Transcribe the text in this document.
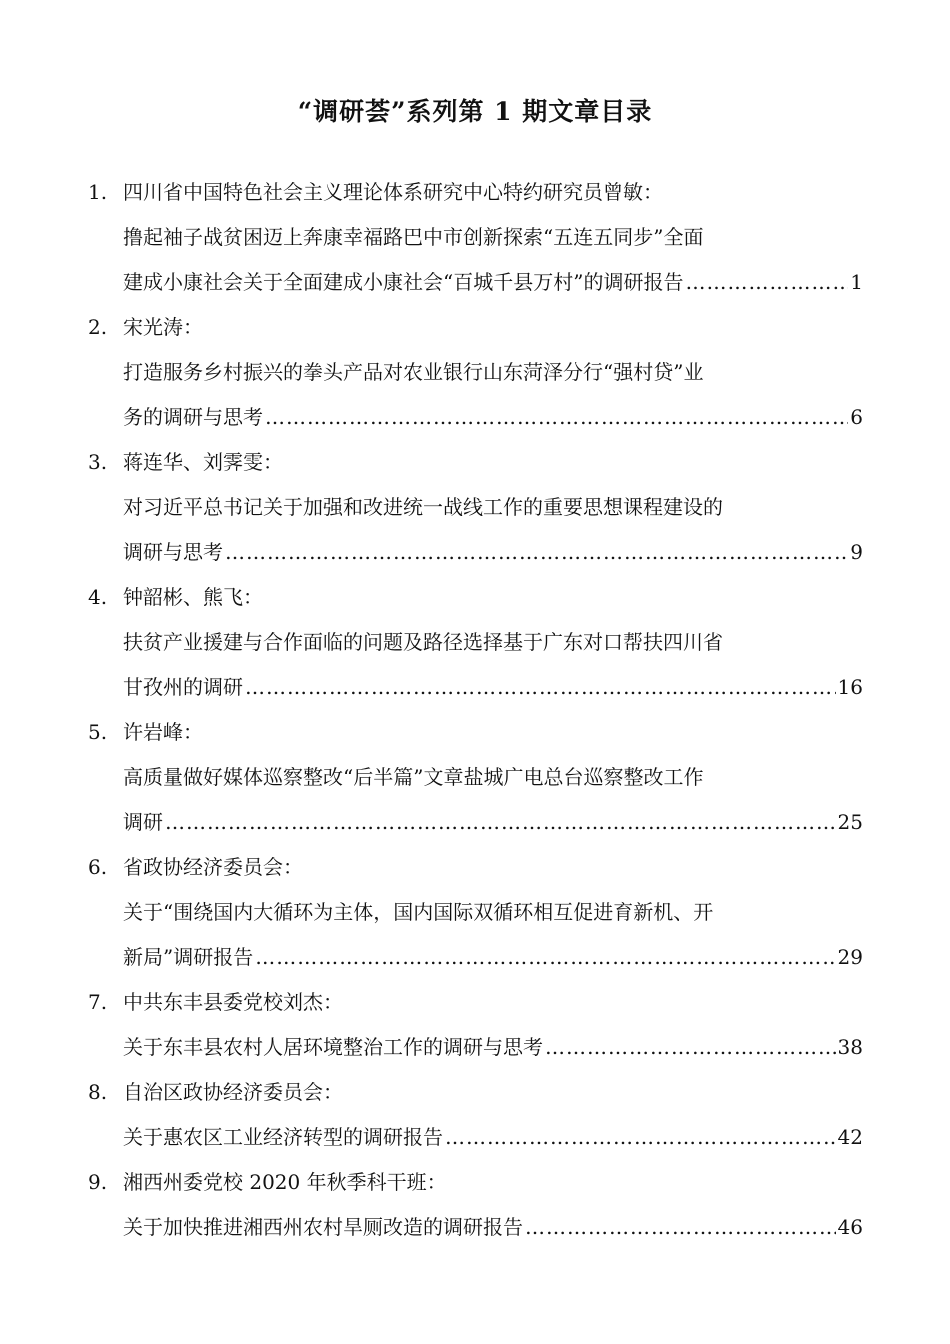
“调研荟”系列第 1 期文章目录
1. 四川省中国特色社会主义理论体系研究中心特约研究员曾敏：
撸起袖子战贫困迈上奔康幸福路巴中市创新探索“五连五同步”全面
建成小康社会关于全面建成小康社会“百城千县万村”的调研报告 …………………………………………………………………………………………………………………………………………	1
2. 宋光涛：
打造服务乡村振兴的拳头产品对农业银行山东菏泽分行“强村贷”业
务的调研与思考 …………………………………………………………………………………………………………………………………………	6
3. 蒋连华、刘霁雯：
对习近平总书记关于加强和改进统一战线工作的重要思想课程建设的
调研与思考 …………………………………………………………………………………………………………………………………………	9
4. 钟韶彬、熊飞：
扶贫产业援建与合作面临的问题及路径选择基于广东对口帮扶四川省
甘孜州的调研 …………………………………………………………………………………………………………………………………………	16
5. 许岩峰：
高质量做好媒体巡察整改“后半篇”文章盐城广电总台巡察整改工作
调研 …………………………………………………………………………………………………………………………………………	25
6. 省政协经济委员会：
关于“围绕国内大循环为主体，国内国际双循环相互促进育新机、开
新局”调研报告 …………………………………………………………………………………………………………………………………………	29
7. 中共东丰县委党校刘杰：
关于东丰县农村人居环境整治工作的调研与思考 …………………………………………………………………………………………………………………………………………	38
8. 自治区政协经济委员会：
关于惠农区工业经济转型的调研报告 …………………………………………………………………………………………………………………………………………	42
9. 湘西州委党校 2020 年秋季科干班：
关于加快推进湘西州农村旱厕改造的调研报告 …………………………………………………………………………………………………………………………………………	46
